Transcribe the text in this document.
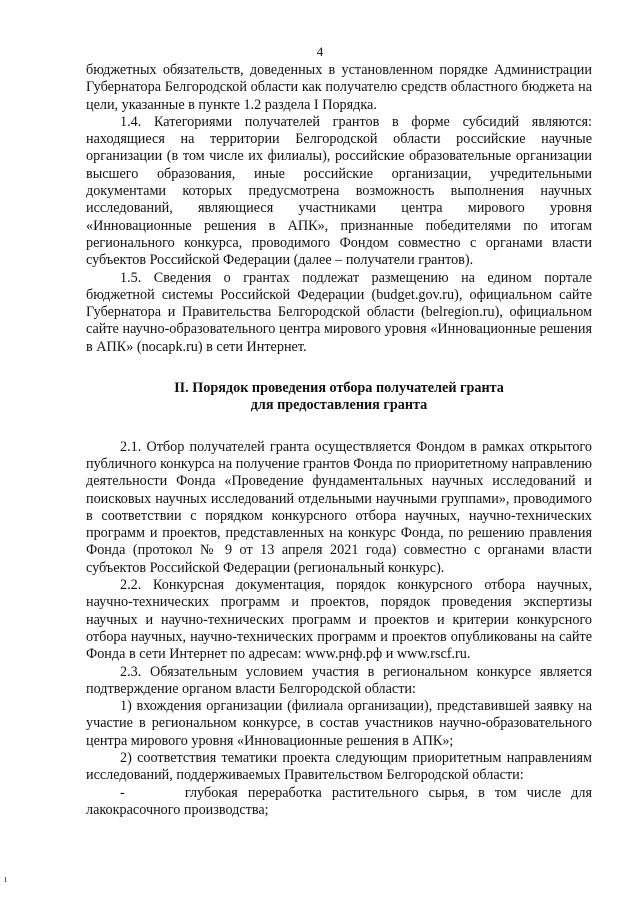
4

бюджетных обязательств, доведенных в установленном порядке Администрации Губернатора Белгородской области как получателю средств областного бюджета на цели, указанные в пункте 1.2 раздела I Порядка.

1.4. Категориями получателей грантов в форме субсидий являются: находящиеся на территории Белгородской области российские научные организации (в том числе их филиалы), российские образовательные организации высшего образования, иные российские организации, учредительными документами которых предусмотрена возможность выполнения научных исследований, являющиеся участниками центра мирового уровня «Инновационные решения в АПК», признанные победителями по итогам регионального конкурса, проводимого Фондом совместно с органами власти субъектов Российской Федерации (далее – получатели грантов).

1.5. Сведения о грантах подлежат размещению на едином портале бюджетной системы Российской Федерации (budget.gov.ru), официальном сайте Губернатора и Правительства Белгородской области (belregion.ru), официальном сайте научно-образовательного центра мирового уровня «Инновационные решения в АПК» (nocapk.ru) в сети Интернет.

II. Порядок проведения отбора получателей гранта
для предоставления гранта

2.1. Отбор получателей гранта осуществляется Фондом в рамках открытого публичного конкурса на получение грантов Фонда по приоритетному направлению деятельности Фонда «Проведение фундаментальных научных исследований и поисковых научных исследований отдельными научными группами», проводимого в соответствии с порядком конкурсного отбора научных, научно-технических программ и проектов, представленных на конкурс Фонда, по решению правления Фонда (протокол № 9 от 13 апреля 2021 года) совместно с органами власти субъектов Российской Федерации (региональный конкурс).

2.2. Конкурсная документация, порядок конкурсного отбора научных, научно-технических программ и проектов, порядок проведения экспертизы научных и научно-технических программ и проектов и критерии конкурсного отбора научных, научно-технических программ и проектов опубликованы на сайте Фонда в сети Интернет по адресам: www.рнф.рф и www.rscf.ru.

2.3. Обязательным условием участия в региональном конкурсе является подтверждение органом власти Белгородской области:

1) вхождения организации (филиала организации), представившей заявку на участие в региональном конкурсе, в состав участников научно-образовательного центра мирового уровня «Инновационные решения в АПК»;

2) соответствия тематики проекта следующим приоритетным направлениям исследований, поддерживаемых Правительством Белгородской области:

-	глубокая переработка растительного сырья, в том числе для лакокрасочного производства;

ı
